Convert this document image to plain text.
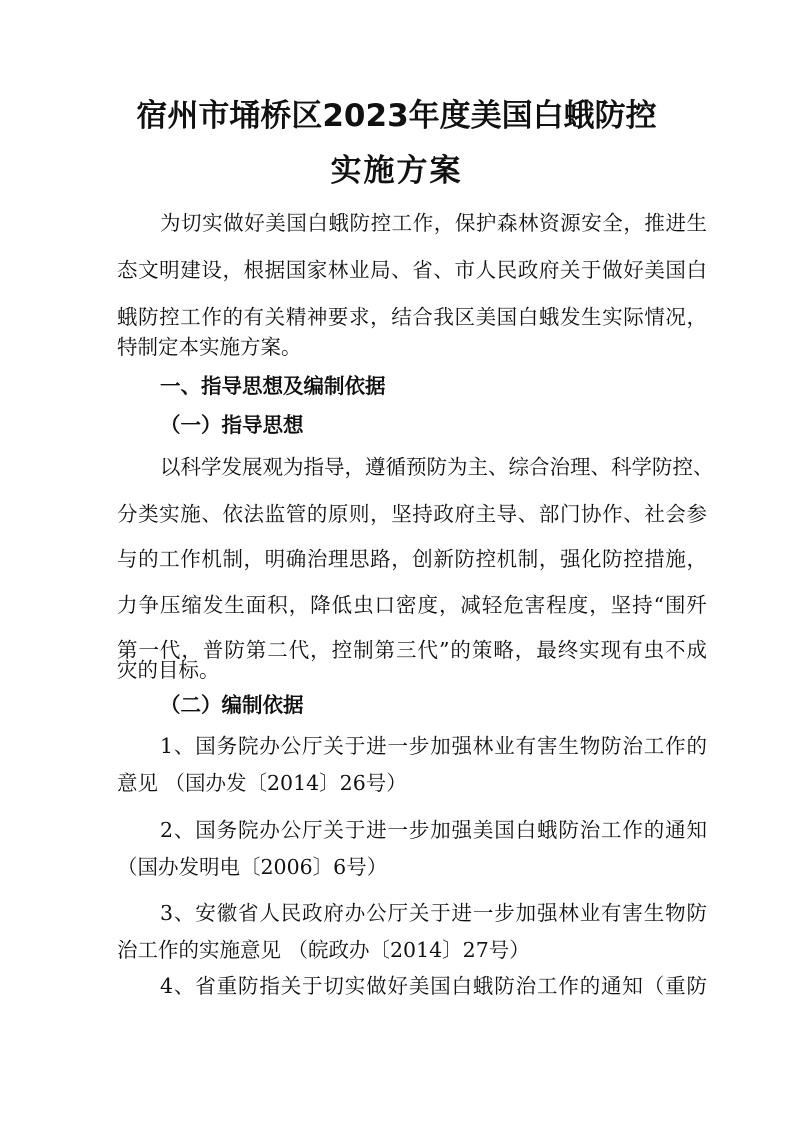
宿州市埇桥区2023年度美国白蛾防控
实施方案
为切实做好美国白蛾防控工作，保护森林资源安全，推进生
态文明建设，根据国家林业局、省、市人民政府关于做好美国白
蛾防控工作的有关精神要求，结合我区美国白蛾发生实际情况，
特制定本实施方案。
一、指导思想及编制依据
（一）指导思想
以科学发展观为指导，遵循预防为主、综合治理、科学防控、
分类实施、依法监管的原则，坚持政府主导、部门协作、社会参
与的工作机制，明确治理思路，创新防控机制，强化防控措施，
力争压缩发生面积，降低虫口密度，减轻危害程度，坚持“围歼
第一代，普防第二代，控制第三代”的策略，最终实现有虫不成
灾的目标。
（二）编制依据
1、国务院办公厅关于进一步加强林业有害生物防治工作的
意见 （国办发〔2014〕26号）
2、国务院办公厅关于进一步加强美国白蛾防治工作的通知
（国办发明电〔2006〕6号）
3、安徽省人民政府办公厅关于进一步加强林业有害生物防
治工作的实施意见 （皖政办〔2014〕27号）
4、省重防指关于切实做好美国白蛾防治工作的通知（重防
